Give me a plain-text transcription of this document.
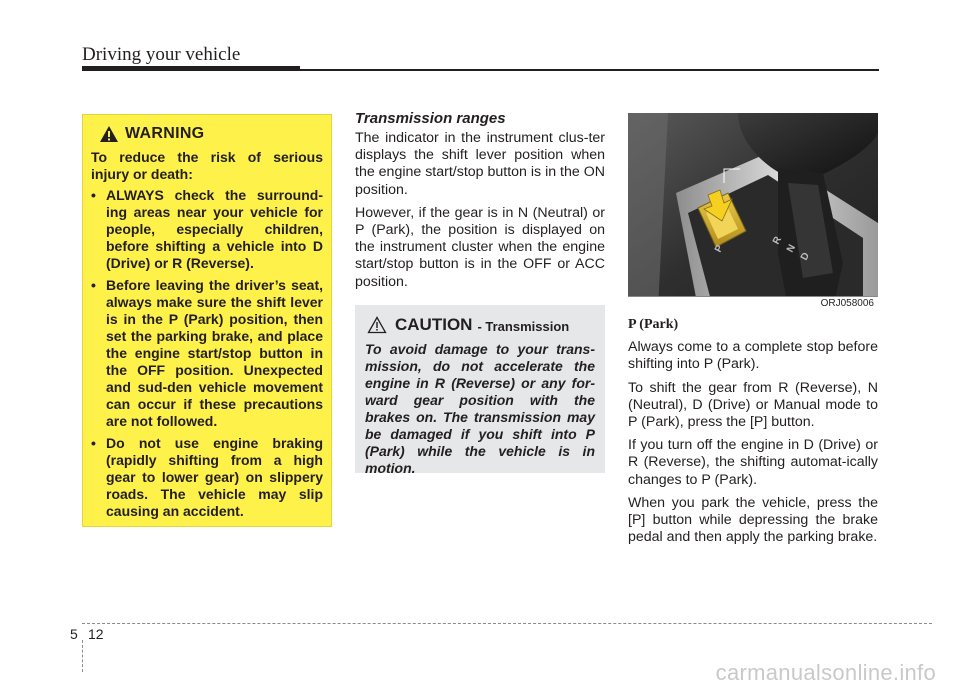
Driving your vehicle
WARNING

To reduce the risk of serious injury or death:

• ALWAYS check the surround-ing areas near your vehicle for people, especially children, before shifting a vehicle into D (Drive) or R (Reverse).
• Before leaving the driver’s seat, always make sure the shift lever is in the P (Park) position, then set the parking brake, and place the engine start/stop button in the OFF position. Unexpected and sud-den vehicle movement can occur if these precautions are not followed.
• Do not use engine braking (rapidly shifting from a high gear to lower gear) on slippery roads. The vehicle may slip causing an accident.
Transmission ranges

The indicator in the instrument clus-ter displays the shift lever position when the engine start/stop button is in the ON position.

However, if the gear is in N (Neutral) or P (Park), the position is displayed on the instrument cluster when the engine start/stop button is in the OFF or ACC position.

CAUTION - Transmission

To avoid damage to your trans-mission, do not accelerate the engine in R (Reverse) or any for-ward gear position with the brakes on. The transmission may be damaged if you shift into P (Park) while the vehicle is in motion.

P
R
N
D
ORJ058006

P (Park)

Always come to a complete stop before shifting into P (Park).

To shift the gear from R (Reverse), N (Neutral), D (Drive) or Manual mode to P (Park), press the [P] button.

If you turn off the engine in D (Drive) or R (Reverse), the shifting automat-ically changes to P (Park).

When you park the vehicle, press the [P] button while depressing the brake pedal and then apply the parking brake.

5 12
carmanualsonline.info
